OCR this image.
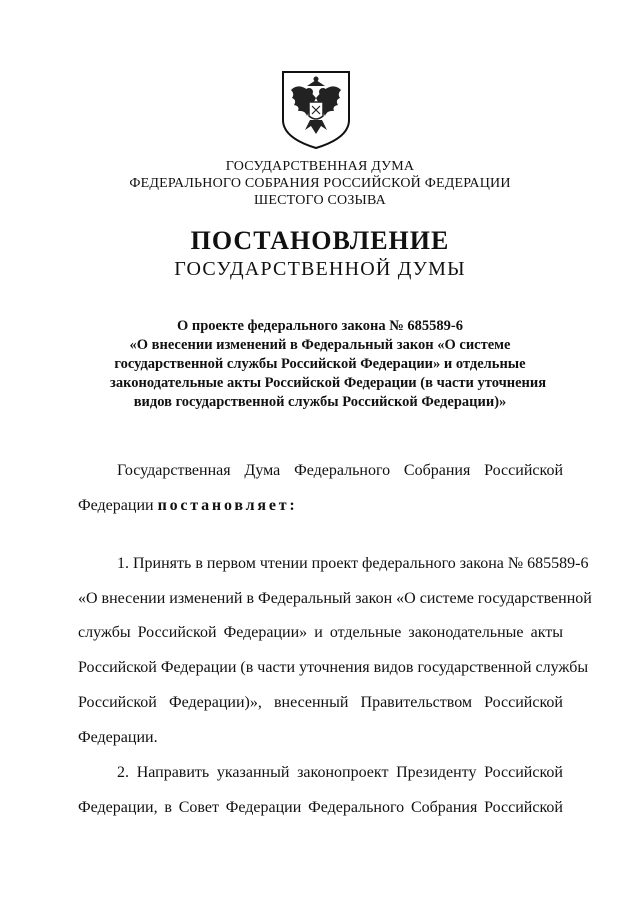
ГОСУДАРСТВЕННАЯ ДУМА
ФЕДЕРАЛЬНОГО СОБРАНИЯ РОССИЙСКОЙ ФЕДЕРАЦИИ
ШЕСТОГО СОЗЫВА
ПОСТАНОВЛЕНИЕ
ГОСУДАРСТВЕННОЙ ДУМЫ
О проекте федерального закона № 685589-6
«О внесении изменений в Федеральный закон «О системе
государственной службы Российской Федерации» и отдельные
законодательные акты Российской Федерации (в части уточнения
видов государственной службы Российской Федерации)»
Государственная Дума Федерального Собрания Российской
Федерации постановляет:
1. Принять в первом чтении проект федерального закона № 685589-6
«О внесении изменений в Федеральный закон «О системе государственной
службы Российской Федерации» и отдельные законодательные акты
Российской Федерации (в части уточнения видов государственной службы
Российской Федерации)», внесенный Правительством Российской
Федерации.
2. Направить указанный законопроект Президенту Российской
Федерации, в Совет Федерации Федерального Собрания Российской
